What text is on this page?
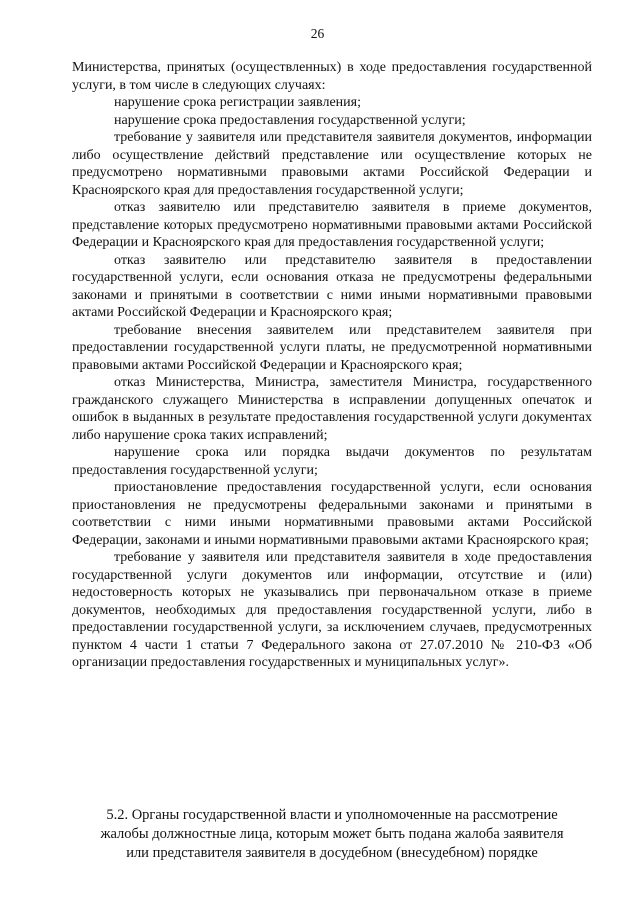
26

Министерства, принятых (осуществленных) в ходе предоставления государственной услуги, в том числе в следующих случаях:

нарушение срока регистрации заявления;

нарушение срока предоставления государственной услуги;

требование у заявителя или представителя заявителя документов, информации либо осуществление действий представление или осуществление которых не предусмотрено нормативными правовыми актами Российской Федерации и Красноярского края для предоставления государственной услуги;

отказ заявителю или представителю заявителя в приеме документов, представление которых предусмотрено нормативными правовыми актами Российской Федерации и Красноярского края для предоставления государственной услуги;

отказ заявителю или представителю заявителя в предоставлении государственной услуги, если основания отказа не предусмотрены федеральными законами и принятыми в соответствии с ними иными нормативными правовыми актами Российской Федерации и Красноярского края;

требование внесения заявителем или представителем заявителя при предоставлении государственной услуги платы, не предусмотренной нормативными правовыми актами Российской Федерации и Красноярского края;

отказ Министерства, Министра, заместителя Министра, государственного гражданского служащего Министерства в исправлении допущенных опечаток и ошибок в выданных в результате предоставления государственной услуги документах либо нарушение срока таких исправлений;

нарушение срока или порядка выдачи документов по результатам предоставления государственной услуги;

приостановление предоставления государственной услуги, если основания приостановления не предусмотрены федеральными законами и принятыми в соответствии с ними иными нормативными правовыми актами Российской Федерации, законами и иными нормативными правовыми актами Красноярского края;

требование у заявителя или представителя заявителя в ходе предоставления государственной услуги документов или информации, отсутствие и (или) недостоверность которых не указывались при первоначальном отказе в приеме документов, необходимых для предоставления государственной услуги, либо в предоставлении государственной услуги, за исключением случаев, предусмотренных пунктом 4 части 1 статьи 7 Федерального закона от 27.07.2010 № 210-ФЗ «Об организации предоставления государственных и муниципальных услуг».

5.2. Органы государственной власти и уполномоченные на рассмотрение
жалобы должностные лица, которым может быть подана жалоба заявителя
или представителя заявителя в досудебном (внесудебном) порядке
